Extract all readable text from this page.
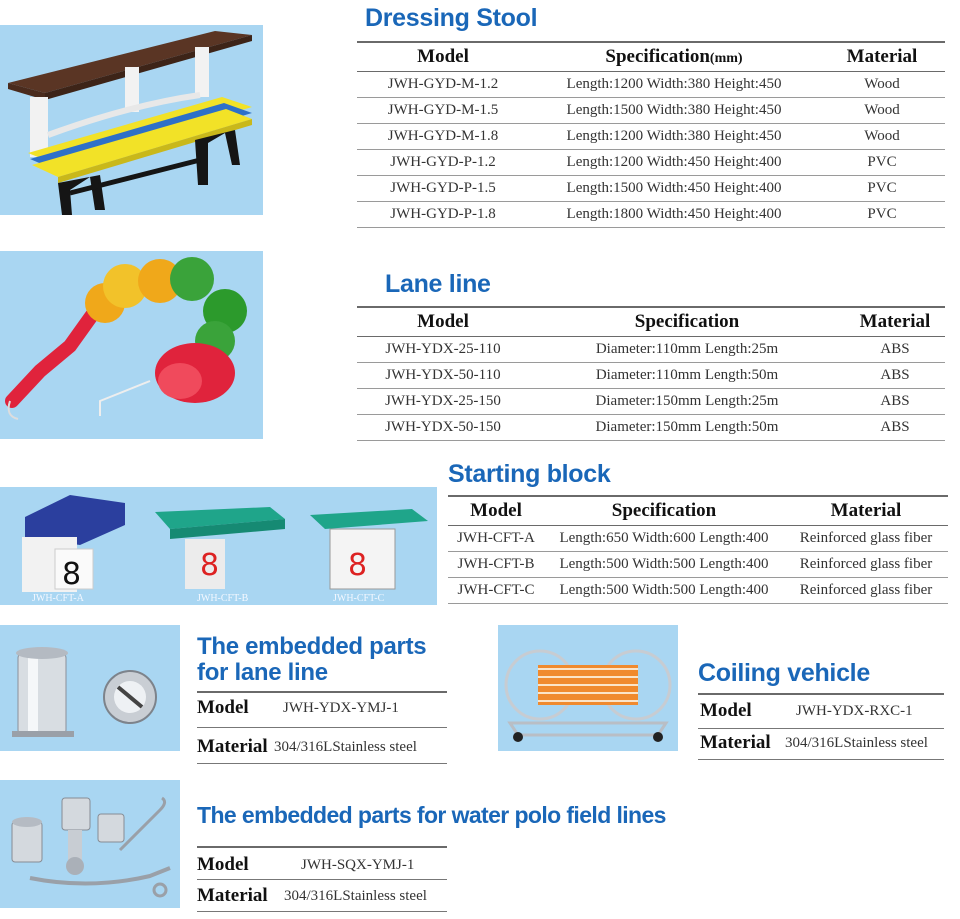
Dressing Stool
Model	Specification(mm)	Material
JWH-GYD-M-1.2	Length:1200 Width:380 Height:450	Wood
JWH-GYD-M-1.5	Length:1500 Width:380 Height:450	Wood
JWH-GYD-M-1.8	Length:1200 Width:380 Height:450	Wood
JWH-GYD-P-1.2	Length:1200 Width:450 Height:400	PVC
JWH-GYD-P-1.5	Length:1500 Width:450 Height:400	PVC
JWH-GYD-P-1.8	Length:1800 Width:450 Height:400	PVC
Lane line
Model	Specification	Material
JWH-YDX-25-110	Diameter:110mm Length:25m	ABS
JWH-YDX-50-110	Diameter:110mm Length:50m	ABS
JWH-YDX-25-150	Diameter:150mm Length:25m	ABS
JWH-YDX-50-150	Diameter:150mm Length:50m	ABS
8	8	8
JWH-CFT-A	JWH-CFT-B	JWH-CFT-C
Starting block
Model	Specification	Material
JWH-CFT-A	Length:650 Width:600 Length:400	Reinforced glass fiber
JWH-CFT-B	Length:500 Width:500 Length:400	Reinforced glass fiber
JWH-CFT-C	Length:500 Width:500 Length:400	Reinforced glass fiber
The embedded parts
for lane line
Model	JWH-YDX-YMJ-1
Material 304/316LStainless steel
Coiling vehicle
Model	JWH-YDX-RXC-1
Material 304/316LStainless steel
The embedded parts for water polo field lines
Model	JWH-SQX-YMJ-1
Material	304/316LStainless steel
